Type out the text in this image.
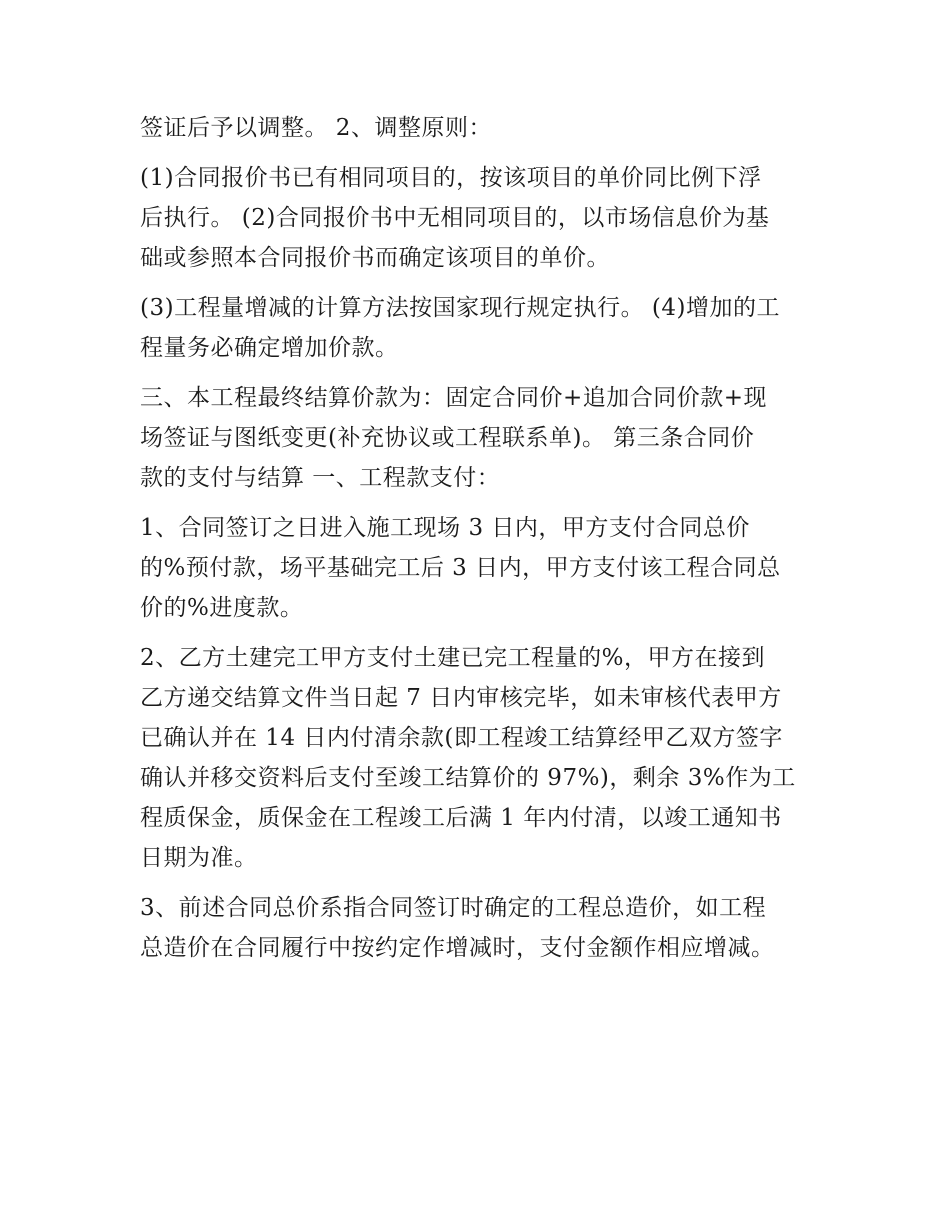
签证后予以调整。 2、调整原则：
(1)合同报价书已有相同项目的，按该项目的单价同比例下浮
后执行。 (2)合同报价书中无相同项目的，以市场信息价为基
础或参照本合同报价书而确定该项目的单价。
(3)工程量增减的计算方法按国家现行规定执行。 (4)增加的工
程量务必确定增加价款。
三、本工程最终结算价款为：固定合同价+追加合同价款+现
场签证与图纸变更(补充协议或工程联系单)。 第三条合同价
款的支付与结算 一、工程款支付：
1、合同签订之日进入施工现场 3 日内，甲方支付合同总价
的%预付款，场平基础完工后 3 日内，甲方支付该工程合同总
价的%进度款。
2、乙方土建完工甲方支付土建已完工程量的%，甲方在接到
乙方递交结算文件当日起 7 日内审核完毕，如未审核代表甲方
已确认并在 14 日内付清余款(即工程竣工结算经甲乙双方签字
确认并移交资料后支付至竣工结算价的 97%)，剩余 3%作为工
程质保金，质保金在工程竣工后满 1 年内付清，以竣工通知书
日期为准。
3、前述合同总价系指合同签订时确定的工程总造价，如工程
总造价在合同履行中按约定作增减时，支付金额作相应增减。
